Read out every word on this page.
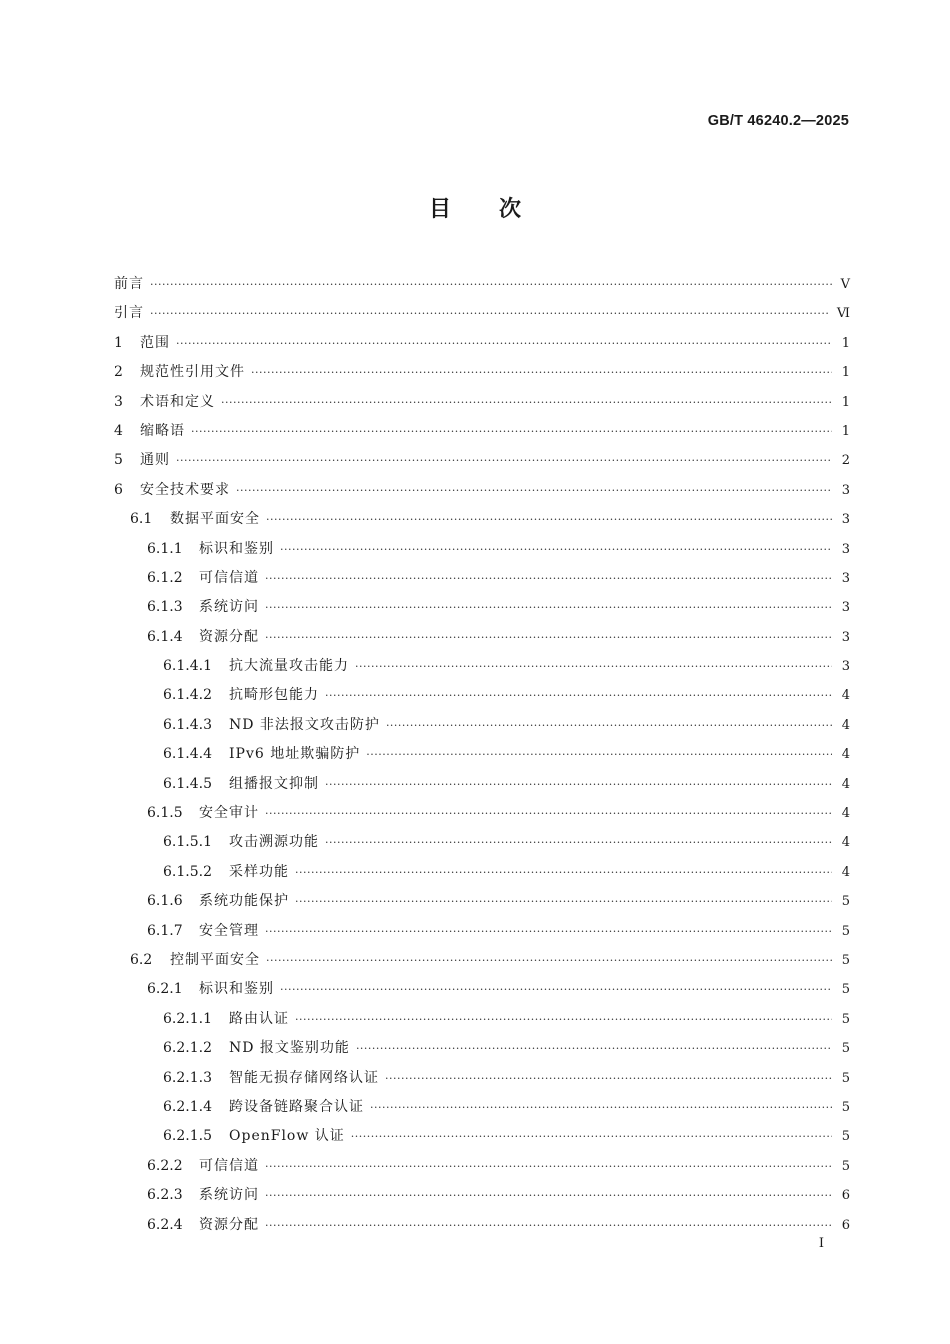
GB/T 46240.2—2025
目次
前言 ·····	Ⅴ
引言 ·····	Ⅵ
1	范围 ·····	1
2	规范性引用文件 ·····	1
3	术语和定义 ·····	1
4	缩略语 ·····	1
5	通则 ·····	2
6	安全技术要求 ·····	3
6.1	数据平面安全 ·····	3
6.1.1	标识和鉴别 ·····	3
6.1.2	可信信道 ·····	3
6.1.3	系统访问 ·····	3
6.1.4	资源分配 ·····	3
6.1.4.1	抗大流量攻击能力 ·····	3
6.1.4.2	抗畸形包能力 ·····	4
6.1.4.3	ND 非法报文攻击防护 ·····	4
6.1.4.4	IPv6 地址欺骗防护 ·····	4
6.1.4.5	组播报文抑制 ·····	4
6.1.5	安全审计 ·····	4
6.1.5.1	攻击溯源功能 ·····	4
6.1.5.2	采样功能 ·····	4
6.1.6	系统功能保护 ·····	5
6.1.7	安全管理 ·····	5
6.2	控制平面安全 ·····	5
6.2.1	标识和鉴别 ·····	5
6.2.1.1	路由认证 ·····	5
6.2.1.2	ND 报文鉴别功能 ·····	5
6.2.1.3	智能无损存储网络认证 ·····	5
6.2.1.4	跨设备链路聚合认证 ·····	5
6.2.1.5	OpenFlow 认证 ·····	5
6.2.2	可信信道 ·····	5
6.2.3	系统访问 ·····	6
6.2.4	资源分配 ·····	6
Ⅰ
